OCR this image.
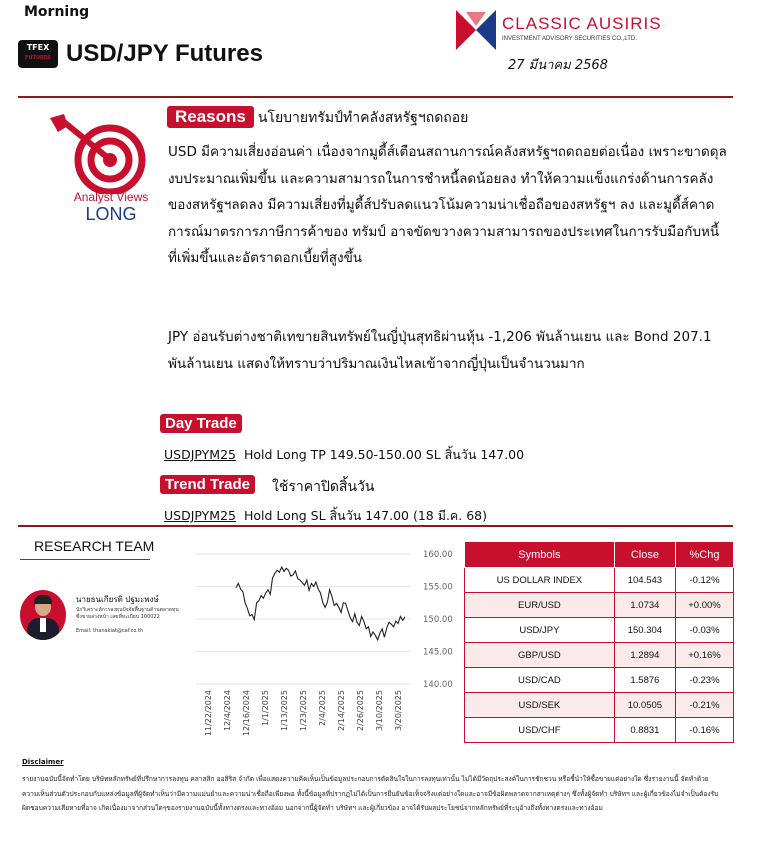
Morning
TFEX
FUTURES USD/JPY Futures
CLASSIC AUSIRIS
INVESTMENT ADVISORY SECURITIES CO.,LTD.
27 มีนาคม 2568
Analyst Views
LONG
Reasons นโยบายทรัมป์ทำคลังสหรัฐฯถดถอย
USD มีความเสี่ยงอ่อนค่า เนื่องจากมูดี้ส์เตือนสถานการณ์คลังสหรัฐฯถดถอยต่อเนื่อง เพราะขาดดุลงบประมาณเพิ่มขึ้น และความสามารถในการชำหนี้ลดน้อยลง ทำให้ความแข็งแกร่งด้านการคลังของสหรัฐฯลดลง มีความเสี่ยงที่มูดี้ส์ปรับลดแนวโน้มความน่าเชื่อถือของสหรัฐฯ ลง และมูดี้ส์คาดการณ์มาตรการภาษีการค้าของ ทรัมป์ อาจขัดขวางความสามารถของประเทศในการรับมือกับหนี้ที่เพิ่มขึ้นและอัตราดอกเบี้ยที่สูงขึ้น
JPY อ่อนรับต่างชาติเทขายสินทรัพย์ในญี่ปุ่นสุทธิผ่านหุ้น -1,206 พันล้านเยน และ Bond 207.1 พันล้านเยน แสดงให้ทราบว่าปริมาณเงินไหลเข้าจากญี่ปุ่นเป็นจำนวนมาก
Day Trade
USDJPYM25 Hold Long TP 149.50-150.00 SL สิ้นวัน 147.00
Trend Trade	ใช้ราคาปิดสิ้นวัน
USDJPYM25 Hold Long SL สิ้นวัน 147.00 (18 มี.ค. 68)
RESEARCH TEAM
นายธนเกียรติ ปฐมะพงษ์
นักวิเคราะห์การลงทุนปัจจัยพื้นฐานด้านตลาดทุน ซึ่งขายล่วงหน้า เลขที่ทะเบียน 100022
Email: thanakiat@caf.co.th
160.00
155.00
150.00
145.00
140.00
11/22/2024 12/4/2024 12/16/2024 1/1/2025 1/13/2025 1/23/2025 2/4/2025 2/14/2025 2/26/2025 3/10/2025 3/20/2025
Symbols	Close	%Chg
US DOLLAR INDEX	104.543	-0.12%
EUR/USD	1.0734	+0.00%
USD/JPY	150.304	-0.03%
GBP/USD	1.2894	+0.16%
USD/CAD	1.5876	-0.23%
USD/SEK	10.0505	-0.21%
USD/CHF	0.8831	-0.16%
Disclaimer
รายงานฉบับนี้จัดทำโดย บริษัทหลักทรัพย์ที่ปรึกษาการลงทุน คลาสสิก ออสิริส จำกัด เพื่อแสดงความคิดเห็นเป็นข้อมูลประกอบการตัดสินใจในการลงทุนเท่านั้น ไม่ได้มีวัตถุประสงค์ในการชักชวน หรือชี้นำให้ซื้อขายแต่อย่างใด ซึ่งรายงานนี้ จัดทำด้วยความเห็นส่วนตัวประกอบกับแหล่งข้อมูลที่ผู้จัดทำเห็นว่ามีความแม่นยำและความน่าเชื่อถือเพียงพอ ทั้งนี้ข้อมูลที่ปรากฏไม่ได้เป็นการยืนยันข้อเท็จจริงแต่อย่างใดและอาจมีข้อผิดพลาดจากสาเหตุต่างๆ ซึ่งทั้งผู้จัดทำ บริษัทฯ และผู้เกี่ยวข้องไม่จำเป็นต้องรับผิดชอบความเสียหายที่อาจ เกิดเนื่องมาจากส่วนใดๆของรายงานฉบับนี้ทั้งทางตรงและทางอ้อม นอกจากนี้ผู้จัดทำ บริษัทฯ และผู้เกี่ยวข้อง อาจได้รับผลประโยชน์จากหลักทรัพย์ที่ระบุอ้างถึงทั้งทางตรงและทางอ้อม
